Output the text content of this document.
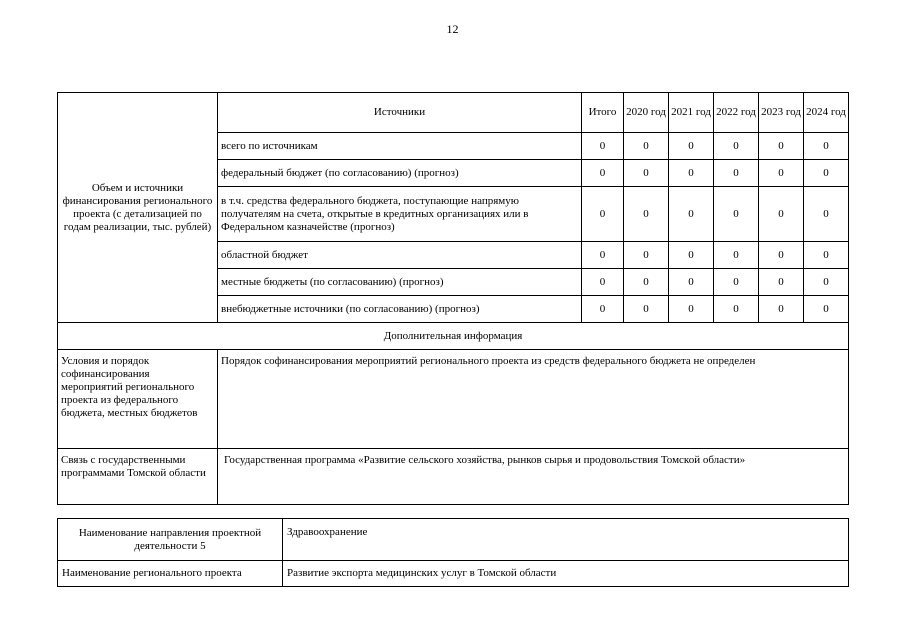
12
Объем и источники финансирования регионального проекта (с детализацией по годам реализации, тыс. рублей)	Источники	Итого	2020 год	2021 год	2022 год	2023 год	2024 год
	всего по источникам	0	0	0	0	0	0
	федеральный бюджет (по согласованию) (прогноз)	0	0	0	0	0	0
	в т.ч. средства федерального бюджета, поступающие напрямую получателям на счета, открытые в кредитных организациях или в Федеральном казначействе (прогноз)	0	0	0	0	0	0
	областной бюджет	0	0	0	0	0	0
	местные бюджеты (по согласованию) (прогноз)	0	0	0	0	0	0
	внебюджетные источники (по согласованию) (прогноз)	0	0	0	0	0	0
Дополнительная информация							
Условия и порядок софинансирования мероприятий регионального проекта из федерального бюджета, местных бюджетов	Порядок софинансирования мероприятий регионального проекта из средств федерального бюджета не определен						
Связь с государственными программами Томской области	Государственная программа «Развитие сельского хозяйства, рынков сырья и продовольствия Томской области»						
Наименование направления проектной деятельности 5	Здравоохранение
Наименование регионального проекта	Развитие экспорта медицинских услуг в Томской области
